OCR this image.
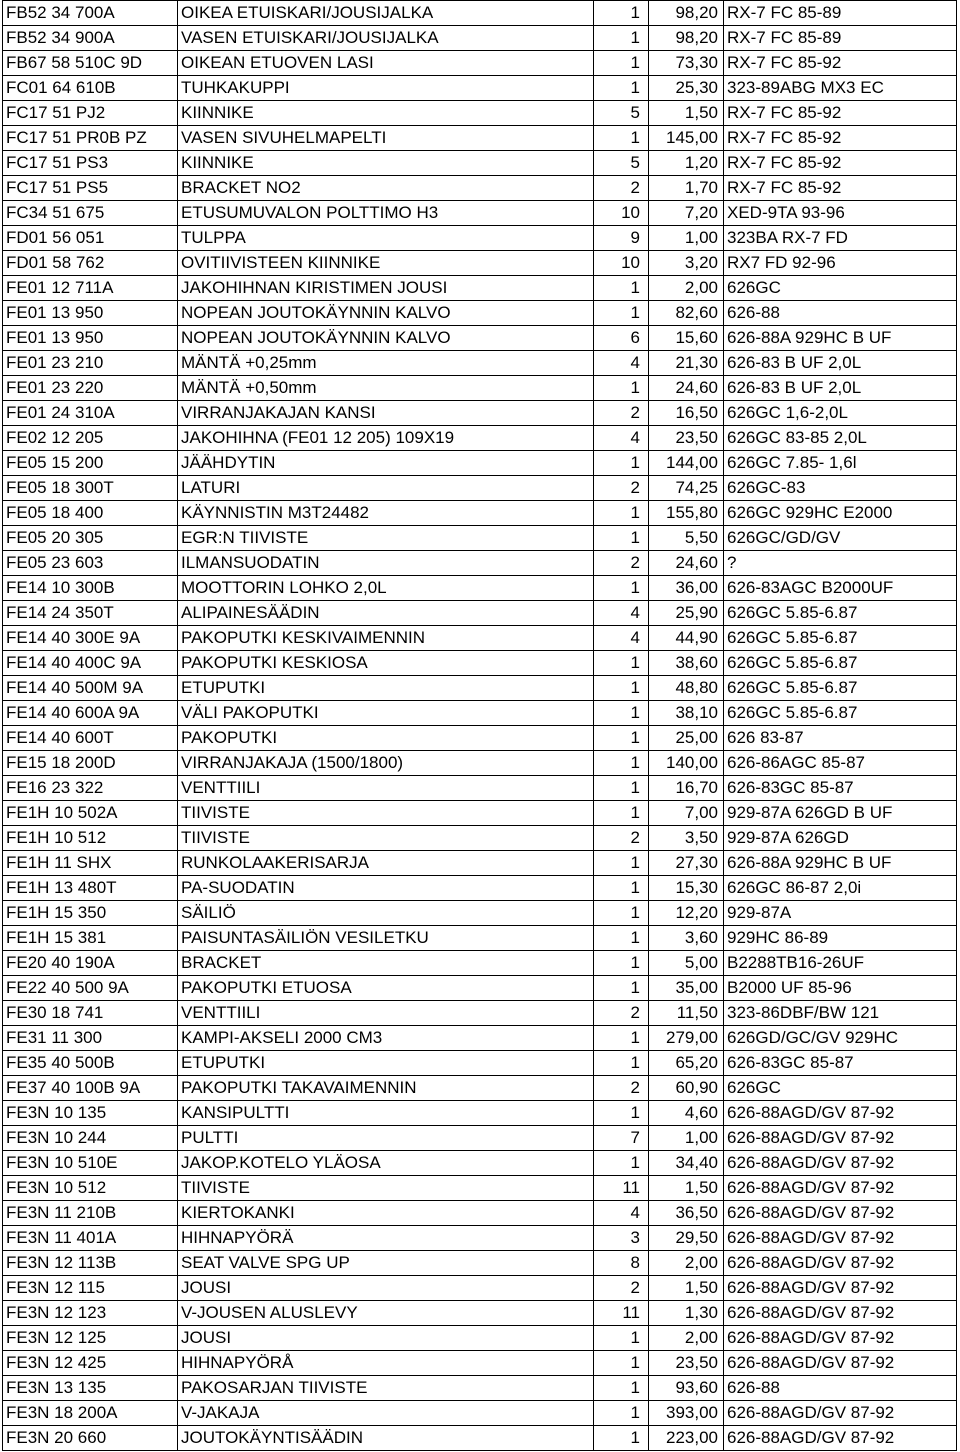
FB52 34 700A	OIKEA ETUISKARI/JOUSIJALKA	1	98,20	RX-7 FC 85-89
FB52 34 900A	VASEN ETUISKARI/JOUSIJALKA	1	98,20	RX-7 FC 85-89
FB67 58 510C 9D	OIKEAN ETUOVEN LASI	1	73,30	RX-7 FC 85-92
FC01 64 610B	TUHKAKUPPI	1	25,30	323-89ABG MX3 EC
FC17 51 PJ2	KIINNIKE	5	1,50	RX-7 FC 85-92
FC17 51 PR0B PZ	VASEN SIVUHELMAPELTI	1	145,00	RX-7 FC 85-92
FC17 51 PS3	KIINNIKE	5	1,20	RX-7 FC 85-92
FC17 51 PS5	BRACKET NO2	2	1,70	RX-7 FC 85-92
FC34 51 675	ETUSUMUVALON POLTTIMO H3	10	7,20	XED-9TA 93-96
FD01 56 051	TULPPA	9	1,00	323BA RX-7 FD
FD01 58 762	OVITIIVISTEEN KIINNIKE	10	3,20	RX7 FD 92-96
FE01 12 711A	JAKOHIHNAN KIRISTIMEN JOUSI	1	2,00	626GC
FE01 13 950	NOPEAN JOUTOKÄYNNIN KALVO	1	82,60	626-88
FE01 13 950	NOPEAN JOUTOKÄYNNIN KALVO	6	15,60	626-88A 929HC B UF
FE01 23 210	MÄNTÄ +0,25mm	4	21,30	626-83 B UF 2,0L
FE01 23 220	MÄNTÄ +0,50mm	1	24,60	626-83 B UF 2,0L
FE01 24 310A	VIRRANJAKAJAN KANSI	2	16,50	626GC 1,6-2,0L
FE02 12 205	JAKOHIHNA (FE01 12 205) 109X19	4	23,50	626GC 83-85 2,0L
FE05 15 200	JÄÄHDYTIN	1	144,00	626GC 7.85- 1,6l
FE05 18 300T	LATURI	2	74,25	626GC-83
FE05 18 400	KÄYNNISTIN M3T24482	1	155,80	626GC 929HC E2000
FE05 20 305	EGR:N TIIVISTE	1	5,50	626GC/GD/GV
FE05 23 603	ILMANSUODATIN	2	24,60	?
FE14 10 300B	MOOTTORIN LOHKO 2,0L	1	36,00	626-83AGC B2000UF
FE14 24 350T	ALIPAINESÄÄDIN	4	25,90	626GC 5.85-6.87
FE14 40 300E 9A	PAKOPUTKI KESKIVAIMENNIN	4	44,90	626GC 5.85-6.87
FE14 40 400C 9A	PAKOPUTKI KESKIOSA	1	38,60	626GC 5.85-6.87
FE14 40 500M 9A	ETUPUTKI	1	48,80	626GC 5.85-6.87
FE14 40 600A 9A	VÄLI PAKOPUTKI	1	38,10	626GC 5.85-6.87
FE14 40 600T	PAKOPUTKI	1	25,00	626 83-87
FE15 18 200D	VIRRANJAKAJA (1500/1800)	1	140,00	626-86AGC 85-87
FE16 23 322	VENTTIILI	1	16,70	626-83GC 85-87
FE1H 10 502A	TIIVISTE	1	7,00	929-87A 626GD B UF
FE1H 10 512	TIIVISTE	2	3,50	929-87A 626GD
FE1H 11 SHX	RUNKOLAAKERISARJA	1	27,30	626-88A 929HC B UF
FE1H 13 480T	PA-SUODATIN	1	15,30	626GC 86-87 2,0i
FE1H 15 350	SÄILIÖ	1	12,20	929-87A
FE1H 15 381	PAISUNTASÄILIÖN VESILETKU	1	3,60	929HC 86-89
FE20 40 190A	BRACKET	1	5,00	B2288TB16-26UF
FE22 40 500 9A	PAKOPUTKI ETUOSA	1	35,00	B2000 UF 85-96
FE30 18 741	VENTTIILI	2	11,50	323-86DBF/BW 121
FE31 11 300	KAMPI-AKSELI 2000 CM3	1	279,00	626GD/GC/GV 929HC
FE35 40 500B	ETUPUTKI	1	65,20	626-83GC 85-87
FE37 40 100B 9A	PAKOPUTKI TAKAVAIMENNIN	2	60,90	626GC
FE3N 10 135	KANSIPULTTI	1	4,60	626-88AGD/GV 87-92
FE3N 10 244	PULTTI	7	1,00	626-88AGD/GV 87-92
FE3N 10 510E	JAKOP.KOTELO YLÄOSA	1	34,40	626-88AGD/GV 87-92
FE3N 10 512	TIIVISTE	11	1,50	626-88AGD/GV 87-92
FE3N 11 210B	KIERTOKANKI	4	36,50	626-88AGD/GV 87-92
FE3N 11 401A	HIHNAPYÖRÄ	3	29,50	626-88AGD/GV 87-92
FE3N 12 113B	SEAT VALVE SPG UP	8	2,00	626-88AGD/GV 87-92
FE3N 12 115	JOUSI	2	1,50	626-88AGD/GV 87-92
FE3N 12 123	V-JOUSEN ALUSLEVY	11	1,30	626-88AGD/GV 87-92
FE3N 12 125	JOUSI	1	2,00	626-88AGD/GV 87-92
FE3N 12 425	HIHNAPYÖRÅ	1	23,50	626-88AGD/GV 87-92
FE3N 13 135	PAKOSARJAN TIIVISTE	1	93,60	626-88
FE3N 18 200A	V-JAKAJA	1	393,00	626-88AGD/GV 87-92
FE3N 20 660	JOUTOKÄYNTISÄÄDIN	1	223,00	626-88AGD/GV 87-92
